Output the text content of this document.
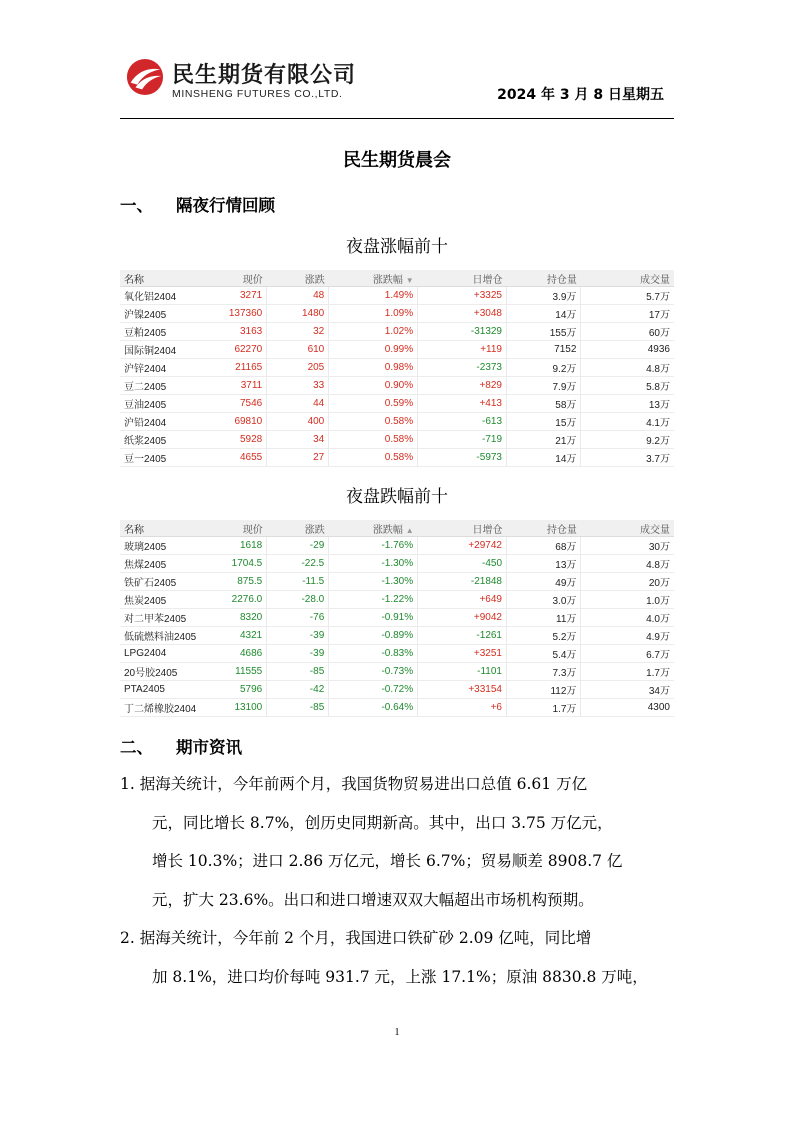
民生期货有限公司
MINSHENG FUTURES CO.,LTD.	2024 年 3 月 8 日星期五
民生期货晨会
一、 隔夜行情回顾
夜盘涨幅前十
名称	现价	涨跌	涨跌幅 ▼	日增仓	持仓量	成交量
氧化铝2404	3271	48	1.49%	+3325	3.9万	5.7万
沪镍2405	137360	1480	1.09%	+3048	14万	17万
豆粕2405	3163	32	1.02%	-31329	155万	60万
国际铜2404	62270	610	0.99%	+119	7152	4936
沪锌2404	21165	205	0.98%	-2373	9.2万	4.8万
豆二2405	3711	33	0.90%	+829	7.9万	5.8万
豆油2405	7546	44	0.59%	+413	58万	13万
沪铅2404	69810	400	0.58%	-613	15万	4.1万
纸浆2405	5928	34	0.58%	-719	21万	9.2万
豆一2405	4655	27	0.58%	-5973	14万	3.7万
夜盘跌幅前十
名称	现价	涨跌	涨跌幅 ▲	日增仓	持仓量	成交量
玻璃2405	1618	-29	-1.76%	+29742	68万	30万
焦煤2405	1704.5	-22.5	-1.30%	-450	13万	4.8万
铁矿石2405	875.5	-11.5	-1.30%	-21848	49万	20万
焦炭2405	2276.0	-28.0	-1.22%	+649	3.0万	1.0万
对二甲苯2405	8320	-76	-0.91%	+9042	11万	4.0万
低硫燃料油2405	4321	-39	-0.89%	-1261	5.2万	4.9万
LPG2404	4686	-39	-0.83%	+3251	5.4万	6.7万
20号胶2405	11555	-85	-0.73%	-1101	7.3万	1.7万
PTA2405	5796	-42	-0.72%	+33154	112万	34万
丁二烯橡胶2404	13100	-85	-0.64%	+6	1.7万	4300
二、 期市资讯
1. 据海关统计，今年前两个月，我国货物贸易进出口总值 6.61 万亿
元，同比增长 8.7%，创历史同期新高。其中，出口 3.75 万亿元，
增长 10.3%；进口 2.86 万亿元，增长 6.7%；贸易顺差 8908.7 亿
元，扩大 23.6%。出口和进口增速双双大幅超出市场机构预期。
2. 据海关统计，今年前 2 个月，我国进口铁矿砂 2.09 亿吨，同比增
加 8.1%，进口均价每吨 931.7 元，上涨 17.1%；原油 8830.8 万吨，
1
